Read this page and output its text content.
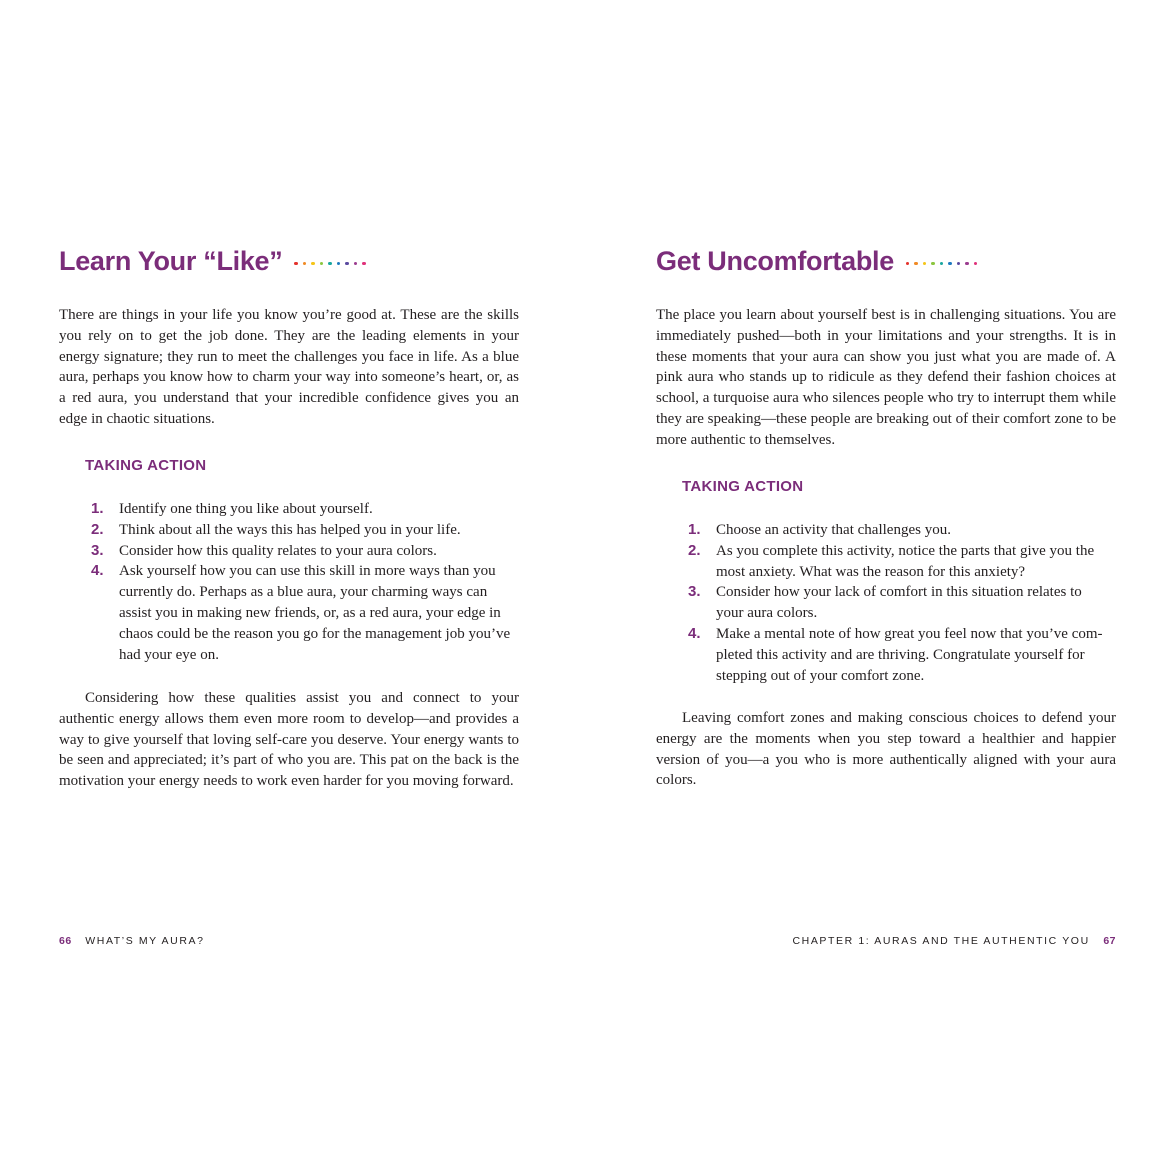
Learn Your “Like”

There are things in your life you know you’re good at. These are the skills you rely on to get the job done. They are the leading elements in your energy signature; they run to meet the challenges you face in life. As a blue aura, perhaps you know how to charm your way into someone’s heart, or, as a red aura, you understand that your incredible confidence gives you an edge in chaotic situations.

TAKING ACTION
1. Identify one thing you like about yourself.
2. Think about all the ways this has helped you in your life.
3. Consider how this quality relates to your aura colors.
4. Ask yourself how you can use this skill in more ways than you currently do. Perhaps as a blue aura, your charming ways can assist you in making new friends, or, as a red aura, your edge in chaos could be the reason you go for the management job you’ve had your eye on.

Considering how these qualities assist you and connect to your authentic energy allows them even more room to develop—and provides a way to give yourself that loving self-care you deserve. Your energy wants to be seen and appreciated; it’s part of who you are. This pat on the back is the motivation your energy needs to work even harder for you moving forward.

66 WHAT’S MY AURA?
Get Uncomfortable

The place you learn about yourself best is in challenging situations. You are immediately pushed—both in your limitations and your strengths. It is in these moments that your aura can show you just what you are made of. A pink aura who stands up to ridicule as they defend their fashion choices at school, a turquoise aura who silences people who try to interrupt them while they are speaking—these people are breaking out of their comfort zone to be more authentic to themselves.

TAKING ACTION
1. Choose an activity that challenges you.
2. As you complete this activity, notice the parts that give you the most anxiety. What was the reason for this anxiety?
3. Consider how your lack of comfort in this situation relates to your aura colors.
4. Make a mental note of how great you feel now that you’ve completed this activity and are thriving. Congratulate yourself for stepping out of your comfort zone.

Leaving comfort zones and making conscious choices to defend your energy are the moments when you step toward a healthier and happier version of you—a you who is more authentically aligned with your aura colors.

CHAPTER 1: AURAS AND THE AUTHENTIC YOU 67
